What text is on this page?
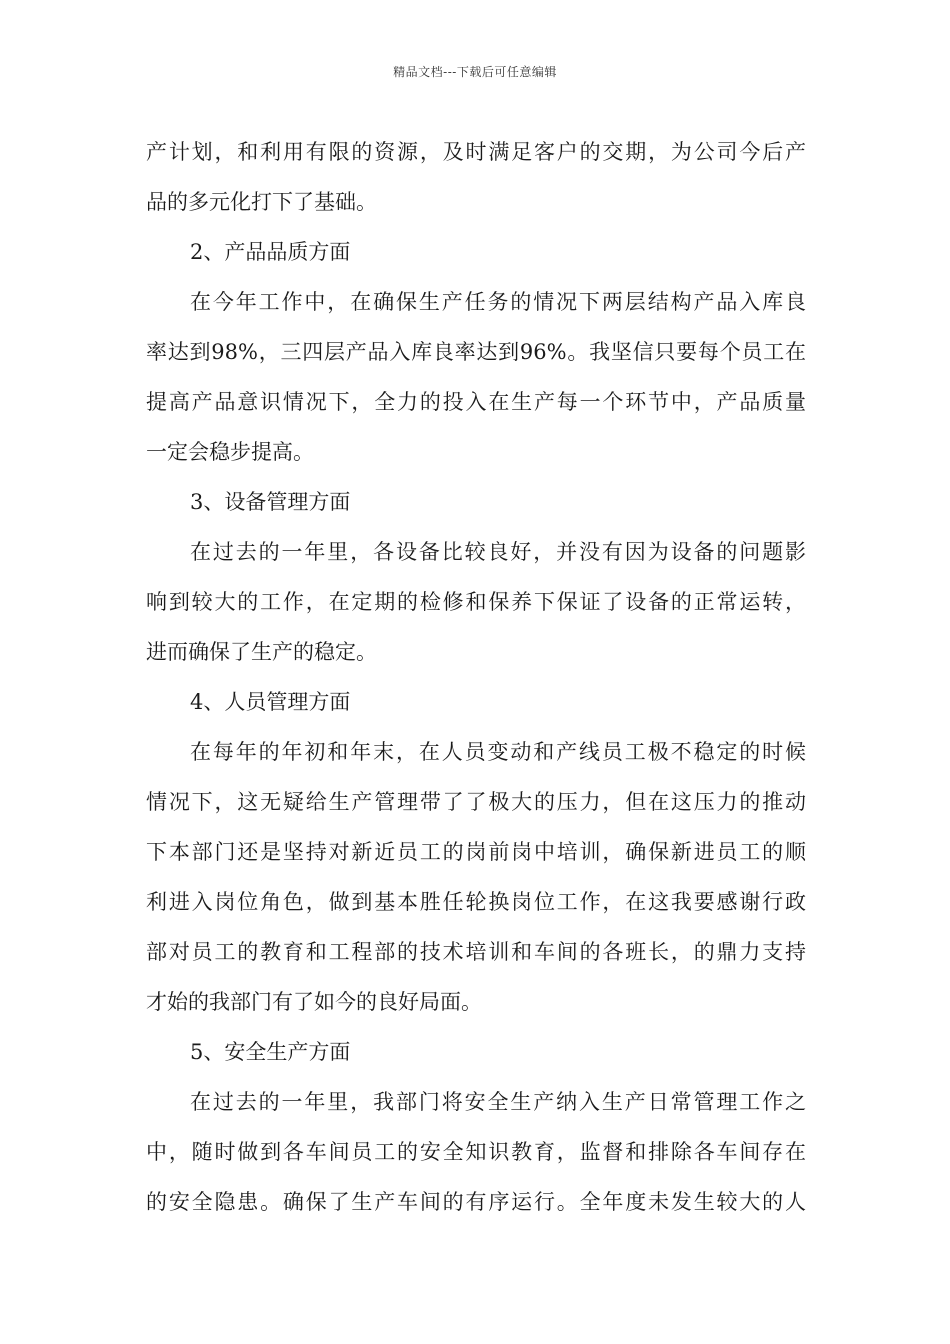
精品文档---下载后可任意编辑
产计划，和利用有限的资源，及时满足客户的交期，为公司今后产
品的多元化打下了基础。
2、产品品质方面
在今年工作中，在确保生产任务的情况下两层结构产品入库良
率达到98%，三四层产品入库良率达到96%。我坚信只要每个员工在
提高产品意识情况下，全力的投入在生产每一个环节中，产品质量
一定会稳步提高。
3、设备管理方面
在过去的一年里，各设备比较良好，并没有因为设备的问题影
响到较大的工作，在定期的检修和保养下保证了设备的正常运转，
进而确保了生产的稳定。
4、人员管理方面
在每年的年初和年末，在人员变动和产线员工极不稳定的时候
情况下，这无疑给生产管理带了了极大的压力，但在这压力的推动
下本部门还是坚持对新近员工的岗前岗中培训，确保新进员工的顺
利进入岗位角色，做到基本胜任轮换岗位工作，在这我要感谢行政
部对员工的教育和工程部的技术培训和车间的各班长，的鼎力支持
才始的我部门有了如今的良好局面。
5、安全生产方面
在过去的一年里，我部门将安全生产纳入生产日常管理工作之
中，随时做到各车间员工的安全知识教育，监督和排除各车间存在
的安全隐患。确保了生产车间的有序运行。全年度未发生较大的人
